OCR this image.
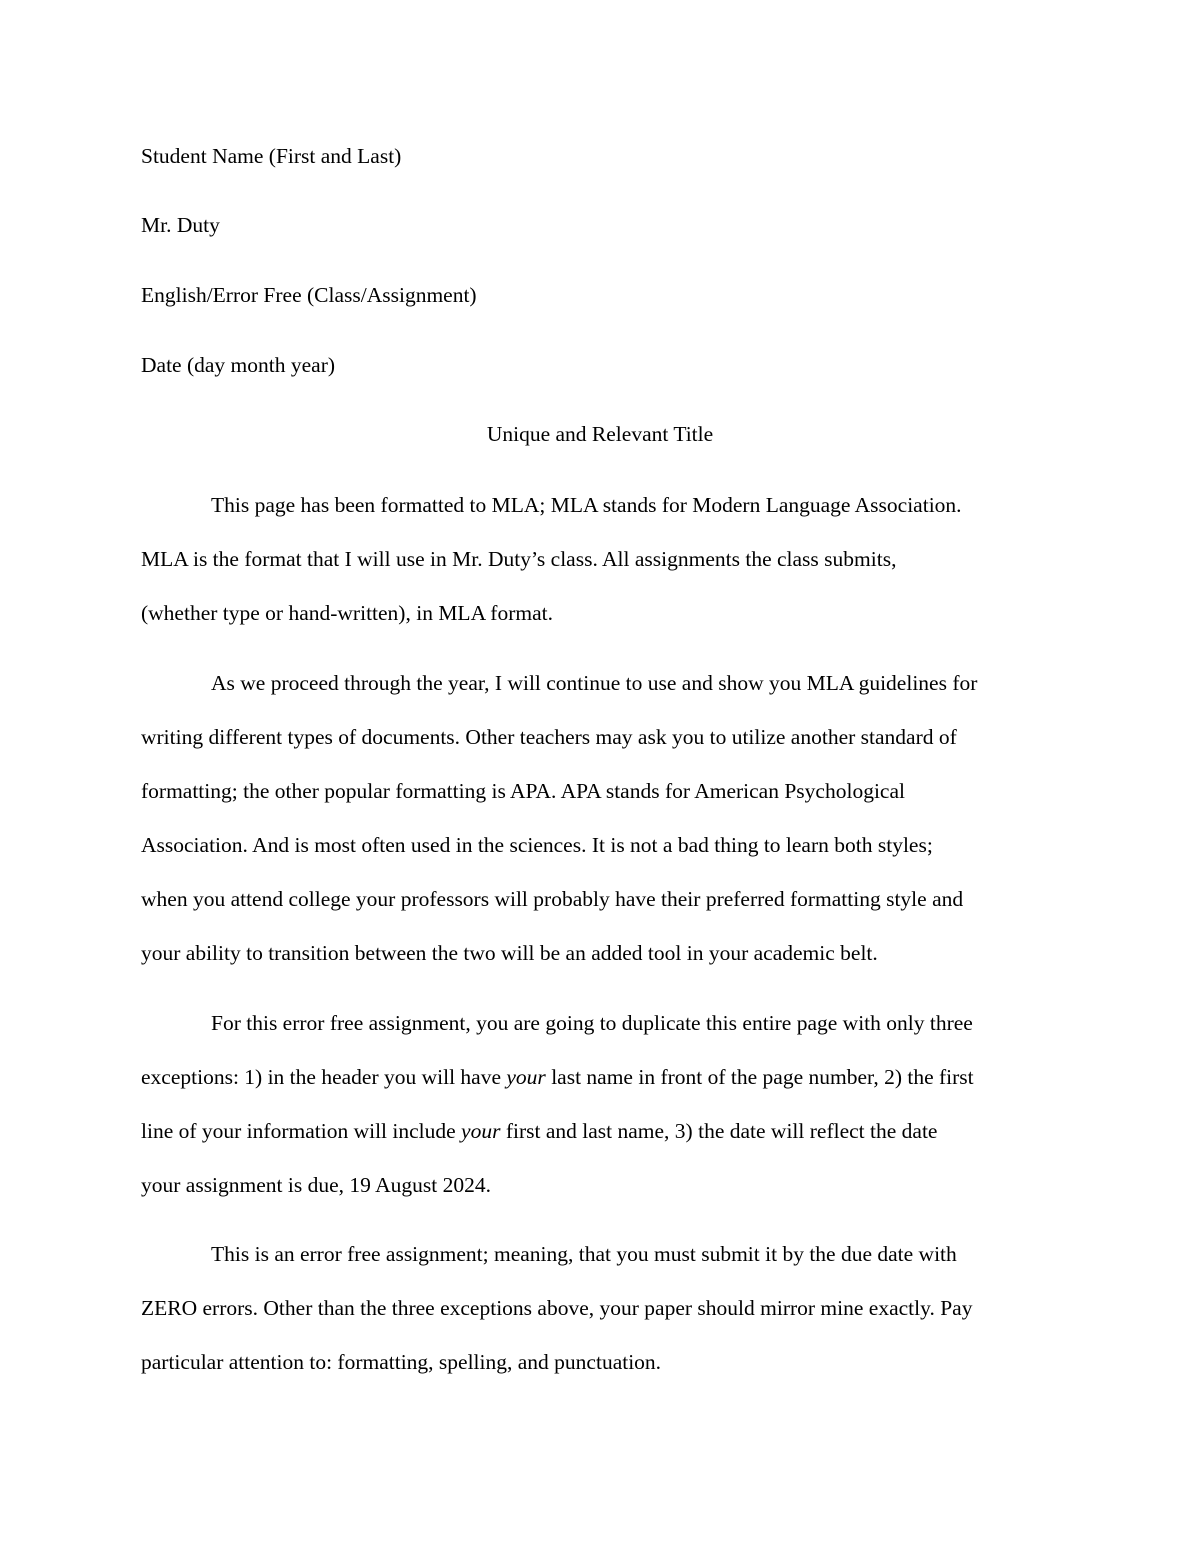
Student Name (First and Last)
Mr. Duty
English/Error Free (Class/Assignment)
Date (day month year)
Unique and Relevant Title
This page has been formatted to MLA; MLA stands for Modern Language Association.
MLA is the format that I will use in Mr. Duty’s class. All assignments the class submits,
(whether type or hand-written), in MLA format.
As we proceed through the year, I will continue to use and show you MLA guidelines for
writing different types of documents. Other teachers may ask you to utilize another standard of
formatting; the other popular formatting is APA. APA stands for American Psychological
Association. And is most often used in the sciences. It is not a bad thing to learn both styles;
when you attend college your professors will probably have their preferred formatting style and
your ability to transition between the two will be an added tool in your academic belt.
For this error free assignment, you are going to duplicate this entire page with only three
exceptions: 1) in the header you will have your last name in front of the page number, 2) the first
line of your information will include your first and last name, 3) the date will reflect the date
your assignment is due, 19 August 2024.
This is an error free assignment; meaning, that you must submit it by the due date with
ZERO errors. Other than the three exceptions above, your paper should mirror mine exactly. Pay
particular attention to: formatting, spelling, and punctuation.
